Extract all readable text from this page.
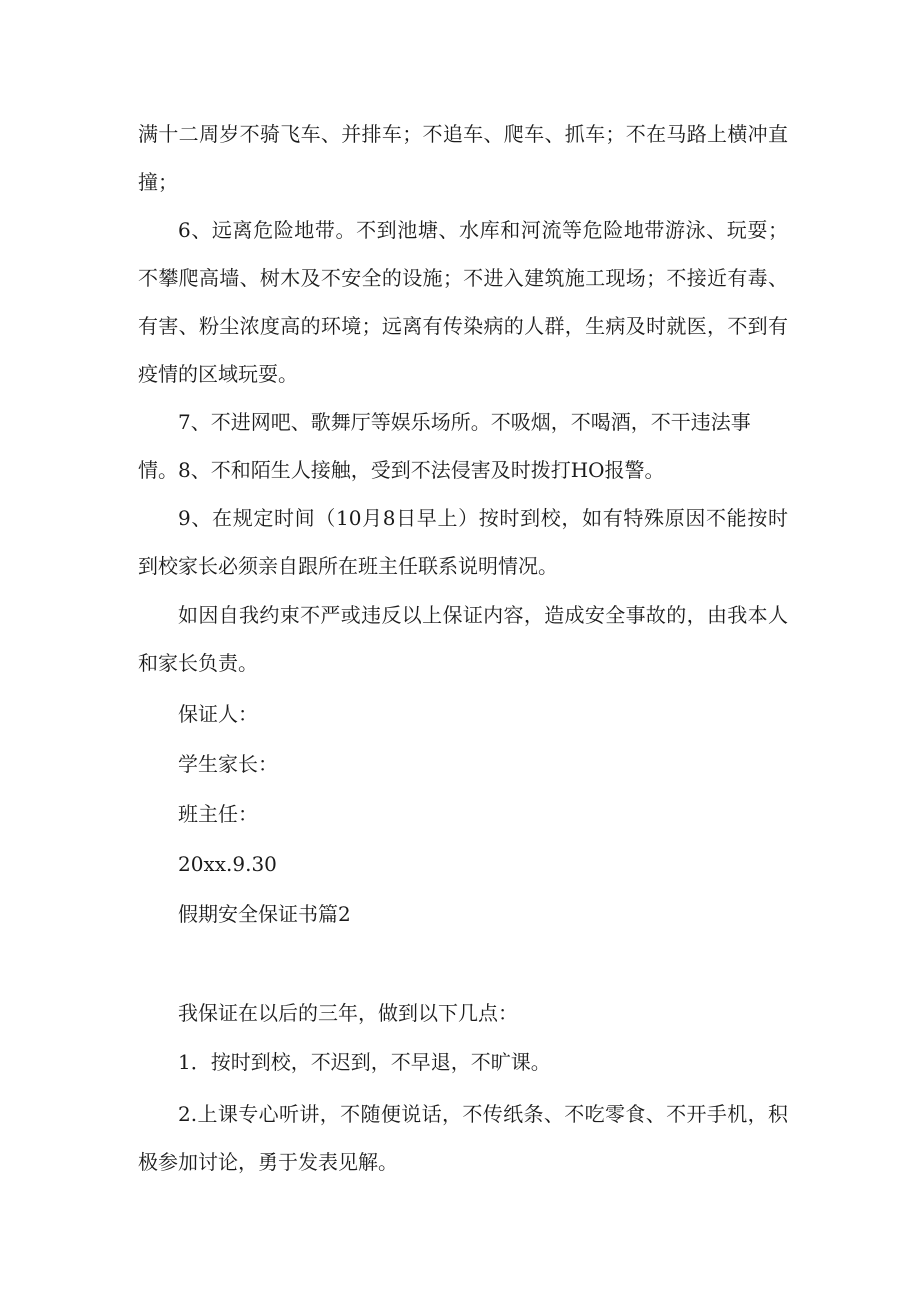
满十二周岁不骑飞车、并排车；不追车、爬车、抓车；不在马路上横冲直撞；

6、远离危险地带。不到池塘、水库和河流等危险地带游泳、玩耍；不攀爬高墙、树木及不安全的设施；不进入建筑施工现场；不接近有毒、有害、粉尘浓度高的环境；远离有传染病的人群，生病及时就医，不到有疫情的区域玩耍。

7、不进网吧、歌舞厅等娱乐场所。不吸烟，不喝酒，不干违法事情。 8、不和陌生人接触，受到不法侵害及时拨打HO报警。

9、在规定时间（10月8日早上）按时到校，如有特殊原因不能按时到校家长必须亲自跟所在班主任联系说明情况。

如因自我约束不严或违反以上保证内容，造成安全事故的，由我本人和家长负责。

保证人：

学生家长：

班主任：

20xx.9.30

假期安全保证书篇2

我保证在以后的三年，做到以下几点：

1．按时到校，不迟到，不早退，不旷课。

2.上课专心听讲，不随便说话，不传纸条、不吃零食、不开手机，积极参加讨论，勇于发表见解。
